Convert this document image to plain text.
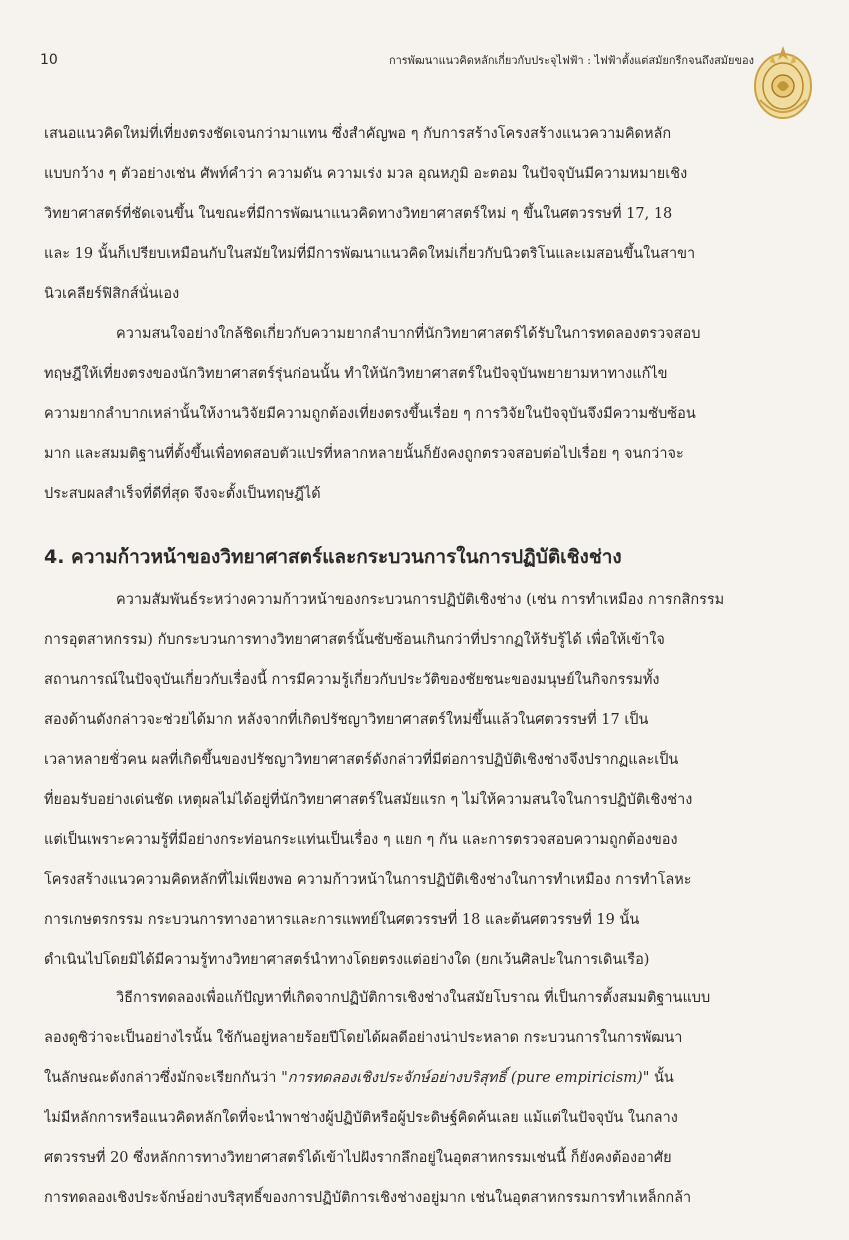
10	การพัฒนาแนวคิดหลักเกี่ยวกับประจุไฟฟ้า : ไฟฟ้าตั้งแต่สมัยกรีกจนถึงสมัยของ
เสนอแนวคิดใหม่ที่เที่ยงตรงชัดเจนกว่ามาแทน ซึ่งสำคัญพอ ๆ กับการสร้างโครงสร้างแนวความคิดหลัก
แบบกว้าง ๆ ตัวอย่างเช่น ศัพท์คำว่า ความดัน ความเร่ง มวล อุณหภูมิ อะตอม ในปัจจุบันมีความหมายเชิง
วิทยาศาสตร์ที่ชัดเจนขึ้น ในขณะที่มีการพัฒนาแนวคิดทางวิทยาศาสตร์ใหม่ ๆ ขึ้นในศตวรรษที่ 17, 18
และ 19 นั้นก็เปรียบเหมือนกับในสมัยใหม่ที่มีการพัฒนาแนวคิดใหม่เกี่ยวกับนิวตริโนและเมสอนขึ้นในสาขา
นิวเคลียร์ฟิสิกส์นั่นเอง
ความสนใจอย่างใกล้ชิดเกี่ยวกับความยากลำบากที่นักวิทยาศาสตร์ได้รับในการทดลองตรวจสอบ
ทฤษฎีให้เที่ยงตรงของนักวิทยาศาสตร์รุ่นก่อนนั้น ทำให้นักวิทยาศาสตร์ในปัจจุบันพยายามหาทางแก้ไข
ความยากลำบากเหล่านั้นให้งานวิจัยมีความถูกต้องเที่ยงตรงขึ้นเรื่อย ๆ การวิจัยในปัจจุบันจึงมีความซับซ้อน
มาก และสมมติฐานที่ตั้งขึ้นเพื่อทดสอบตัวแปรที่หลากหลายนั้นก็ยังคงถูกตรวจสอบต่อไปเรื่อย ๆ จนกว่าจะ
ประสบผลสำเร็จที่ดีที่สุด จึงจะตั้งเป็นทฤษฎีได้
4. ความก้าวหน้าของวิทยาศาสตร์และกระบวนการในการปฏิบัติเชิงช่าง
ความสัมพันธ์ระหว่างความก้าวหน้าของกระบวนการปฏิบัติเชิงช่าง (เช่น การทำเหมือง การกสิกรรม
การอุตสาหกรรม) กับกระบวนการทางวิทยาศาสตร์นั้นซับซ้อนเกินกว่าที่ปรากฏให้รับรู้ได้ เพื่อให้เข้าใจ
สถานการณ์ในปัจจุบันเกี่ยวกับเรื่องนี้ การมีความรู้เกี่ยวกับประวัติของชัยชนะของมนุษย์ในกิจกรรมทั้ง
สองด้านดังกล่าวจะช่วยได้มาก หลังจากที่เกิดปรัชญาวิทยาศาสตร์ใหม่ขึ้นแล้วในศตวรรษที่ 17 เป็น
เวลาหลายชั่วคน ผลที่เกิดขึ้นของปรัชญาวิทยาศาสตร์ดังกล่าวที่มีต่อการปฏิบัติเชิงช่างจึงปรากฏและเป็น
ที่ยอมรับอย่างเด่นชัด เหตุผลไม่ได้อยู่ที่นักวิทยาศาสตร์ในสมัยแรก ๆ ไม่ให้ความสนใจในการปฏิบัติเชิงช่าง
แต่เป็นเพราะความรู้ที่มีอย่างกระท่อนกระแท่นเป็นเรื่อง ๆ แยก ๆ กัน และการตรวจสอบความถูกต้องของ
โครงสร้างแนวความคิดหลักที่ไม่เพียงพอ ความก้าวหน้าในการปฏิบัติเชิงช่างในการทำเหมือง การทำโลหะ
การเกษตรกรรม กระบวนการทางอาหารและการแพทย์ในศตวรรษที่ 18 และต้นศตวรรษที่ 19 นั้น
ดำเนินไปโดยมิได้มีความรู้ทางวิทยาศาสตร์นำทางโดยตรงแต่อย่างใด (ยกเว้นศิลปะในการเดินเรือ)
วิธีการทดลองเพื่อแก้ปัญหาที่เกิดจากปฏิบัติการเชิงช่างในสมัยโบราณ ที่เป็นการตั้งสมมติฐานแบบ
ลองดูซิว่าจะเป็นอย่างไรนั้น ใช้กันอยู่หลายร้อยปีโดยได้ผลดีอย่างน่าประหลาด กระบวนการในการพัฒนา
ในลักษณะดังกล่าวซึ่งมักจะเรียกกันว่า "การทดลองเชิงประจักษ์อย่างบริสุทธิ์ (pure empiricism)" นั้น
ไม่มีหลักการหรือแนวคิดหลักใดที่จะนำพาช่างผู้ปฏิบัติหรือผู้ประดิษฐ์คิดค้นเลย แม้แต่ในปัจจุบัน ในกลาง
ศตวรรษที่ 20 ซึ่งหลักการทางวิทยาศาสตร์ได้เข้าไปฝังรากลึกอยู่ในอุตสาหกรรมเช่นนี้ ก็ยังคงต้องอาศัย
การทดลองเชิงประจักษ์อย่างบริสุทธิ์ของการปฏิบัติการเชิงช่างอยู่มาก เช่นในอุตสาหกรรมการทำเหล็กกล้า
